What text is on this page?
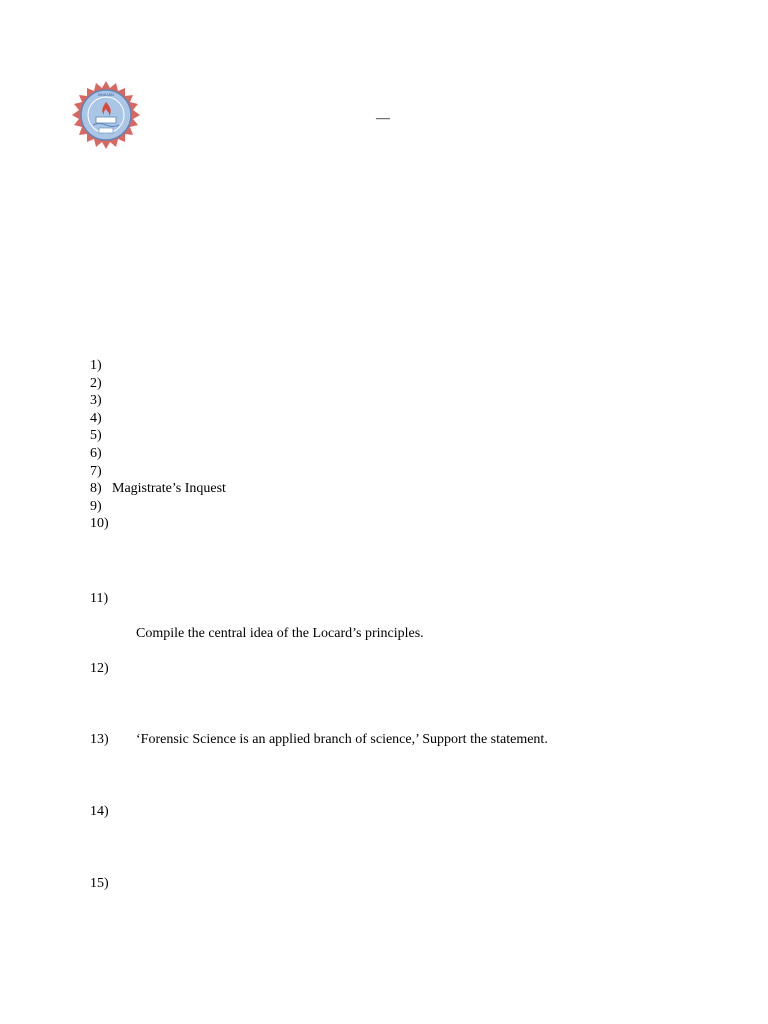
BHAJAN
—
1)
2)
3)
4)
5)
6)
7)
8) Magistrate’s Inquest
9)
10)
11)
Compile the central idea of the Locard’s principles.
12)
13) ‘Forensic Science is an applied branch of science,’ Support the statement.
14)
15)
